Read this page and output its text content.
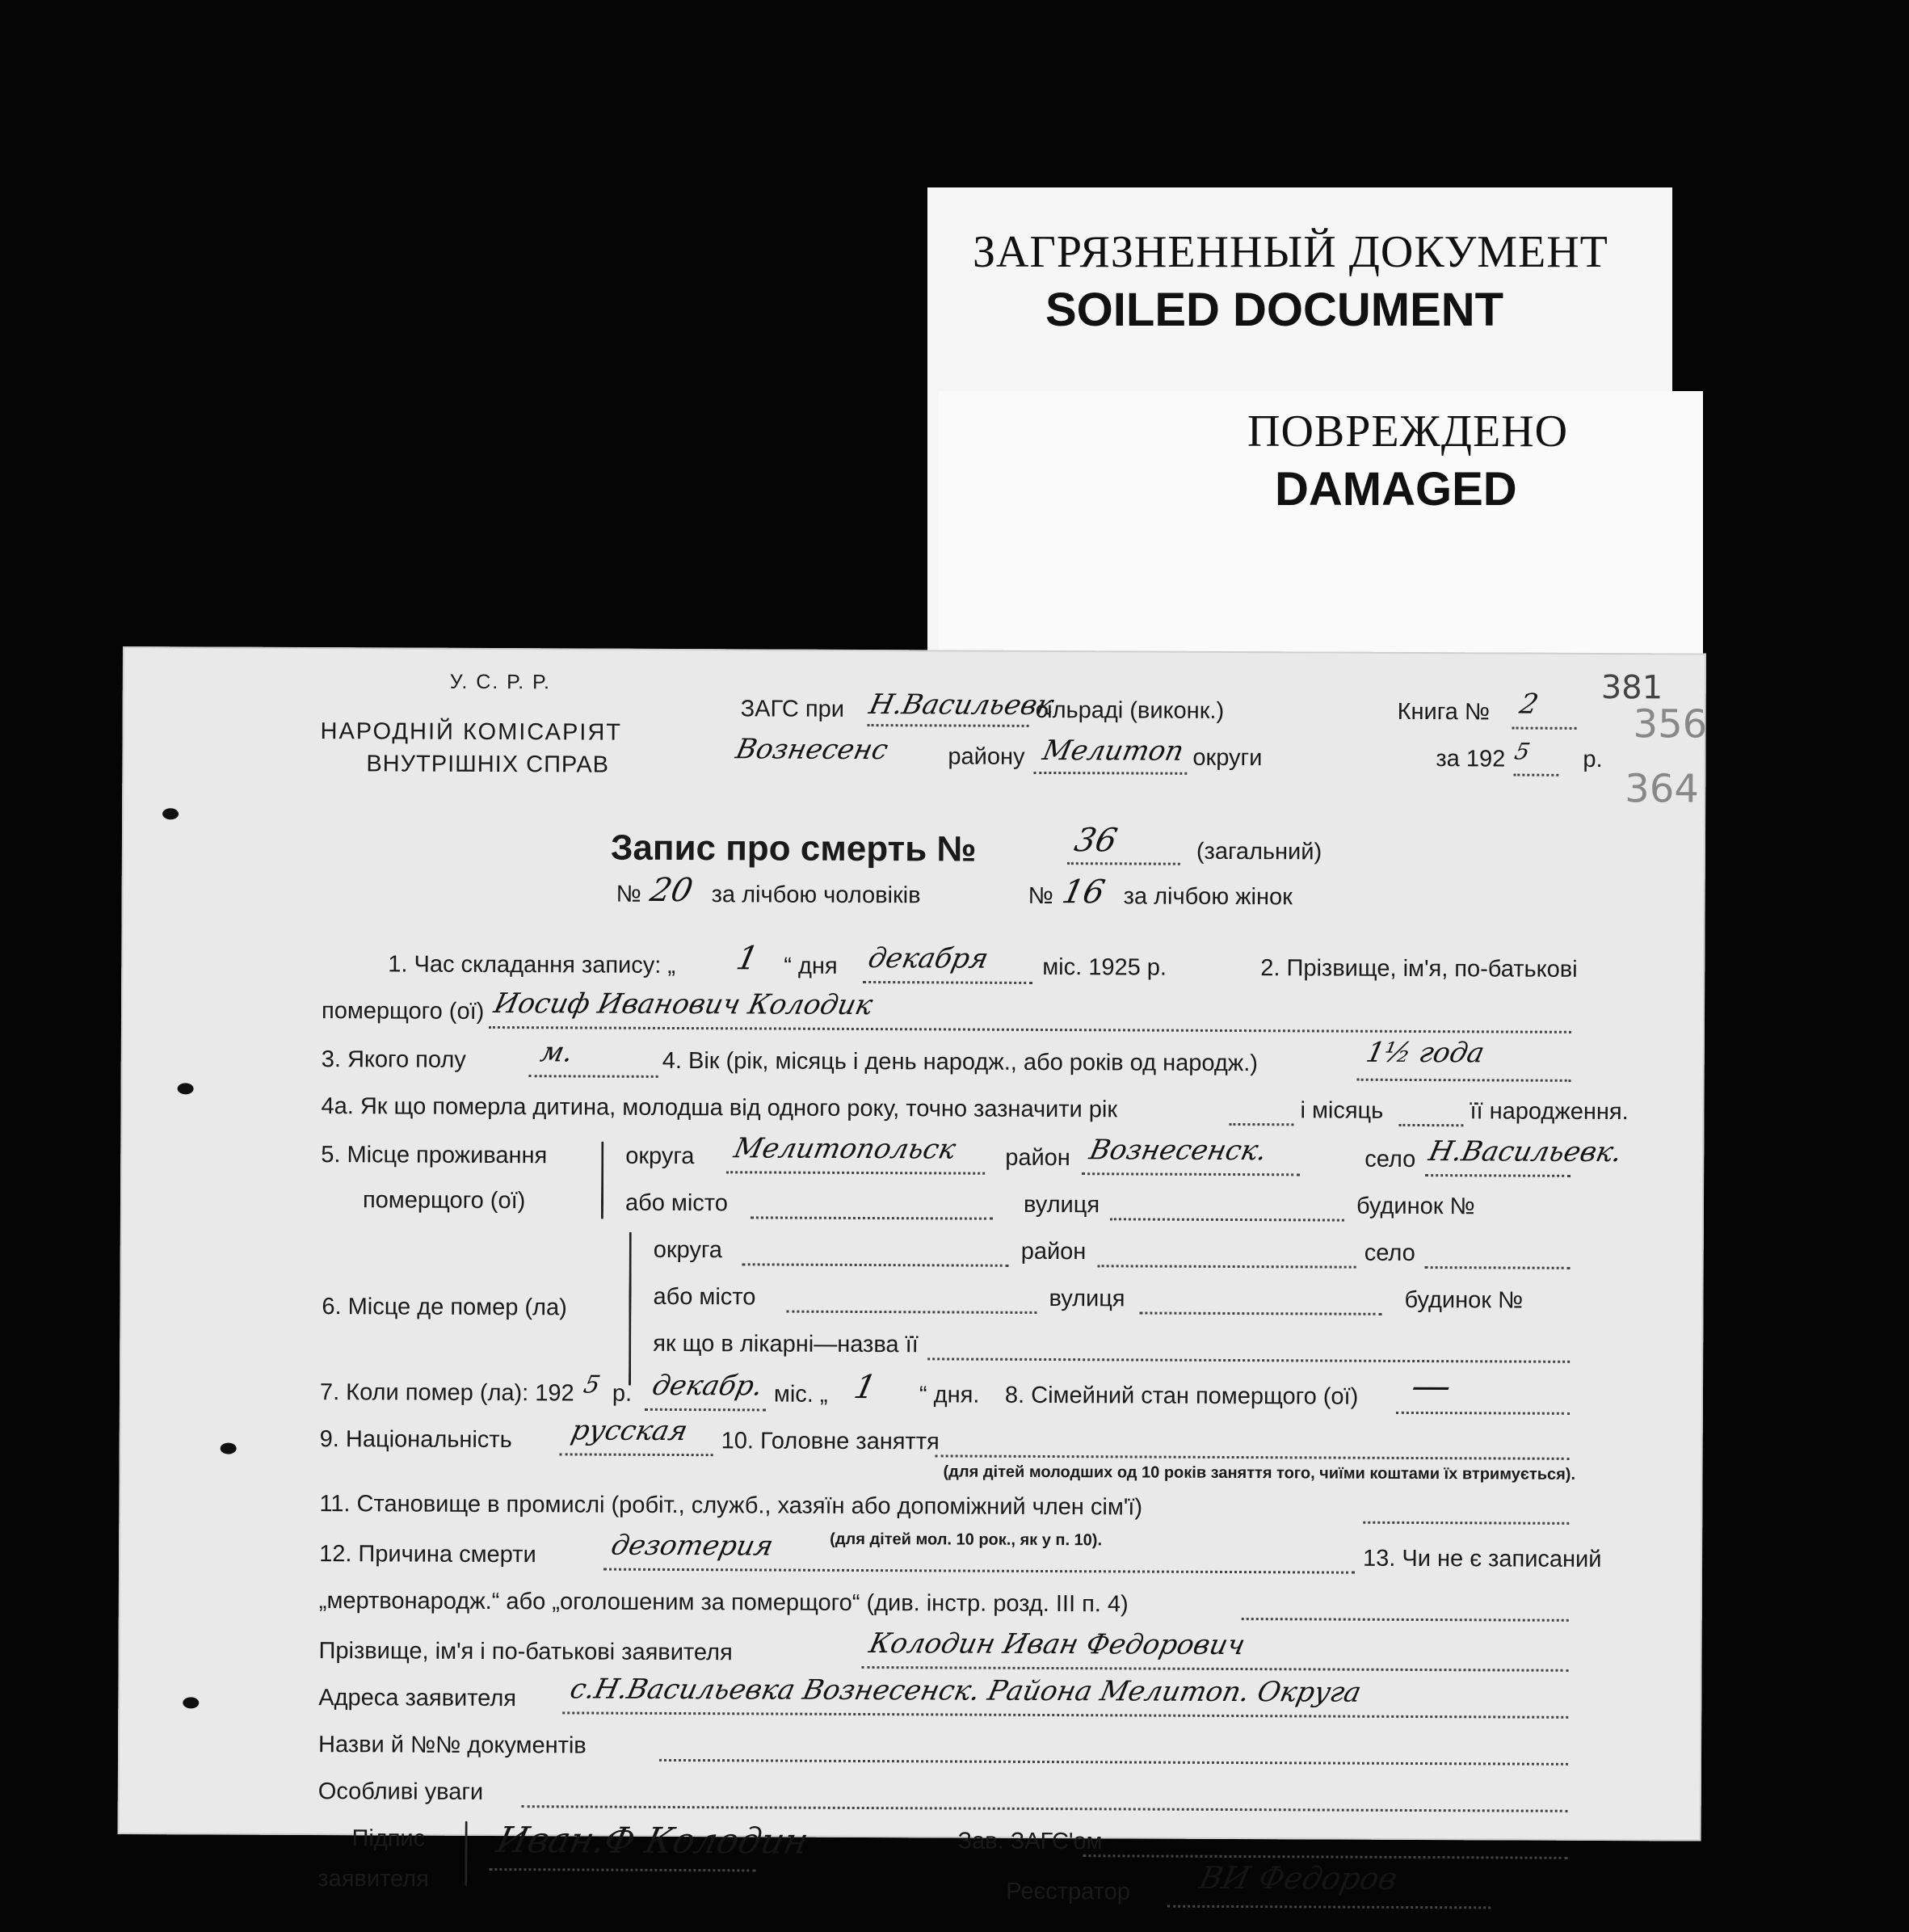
ЗАГРЯЗНЕННЫЙ ДОКУМЕНТ
SOILED DOCUMENT
ПОВРЕЖДЕНО
DAMAGED
381
356
364
У. С. Р. Р.
НАРОДНІЙ КОМІСАРІЯТ
ВНУТРІШНІХ СПРАВ
ЗАГС при Н.Васильевк
сільраді (виконк.)	Книга № 2
Вознесенс району Мелитоп округи	за 192 5 р.
Запис про смерть №	36	(загальний)
№ 20 за лічбою чоловіків	№ 16 за лічбою жінок
1. Час складання запису: „ 1 “ дня декабря міс. 1925 р.	2. Прізвище, ім'я, по-батькові
померщого (ої) Иосиф Иванович Колодик
3. Якого полу	м.	4. Вік (рік, місяць і день народж., або років од народж.)	1½ года
4а. Як що померла дитина, молодша від одного року, точно зазначити рік	і місяць	її народження.
5. Місце проживання
померщого (ої)
округа Мелитопольск район Вознесенск.	село Н.Васильевк.
або місто	вулиця	будинок №
округа	район	село
6. Місце де помер (ла)	або місто	вулиця	будинок №
як що в лікарні—назва її
7. Коли помер (ла): 192 5 р. декабр. міс. „ 1 “ дня. 8. Сімейний стан померщого (ої) —
9. Національність русская 10. Головне заняття
(для дітей молодших од 10 років заняття того, чиїми коштами їх втримується).
11. Становище в промислі (робіт., служб., хазяїн або допоміжний член сім'ї)
12. Причина смерти	дезотерия	(для дітей мол. 10 рок., як у п. 10).
13. Чи не є записаний
„мертвонародж.“ або „оголошеним за померщого“ (див. інстр. розд. III п. 4)
Прізвище, ім'я і по-батькові заявителя	Колодин Иван Федорович
Адреса заявителя с.Н.Васильевка Вознесенск. Района Мелитоп. Округа
Назви й №№ документів
Особливі уваги
Підпис
заявителя
Иван.Ф Колодин	Зав. ЗАГС'ом
Реєстратор ВИ Федоров
